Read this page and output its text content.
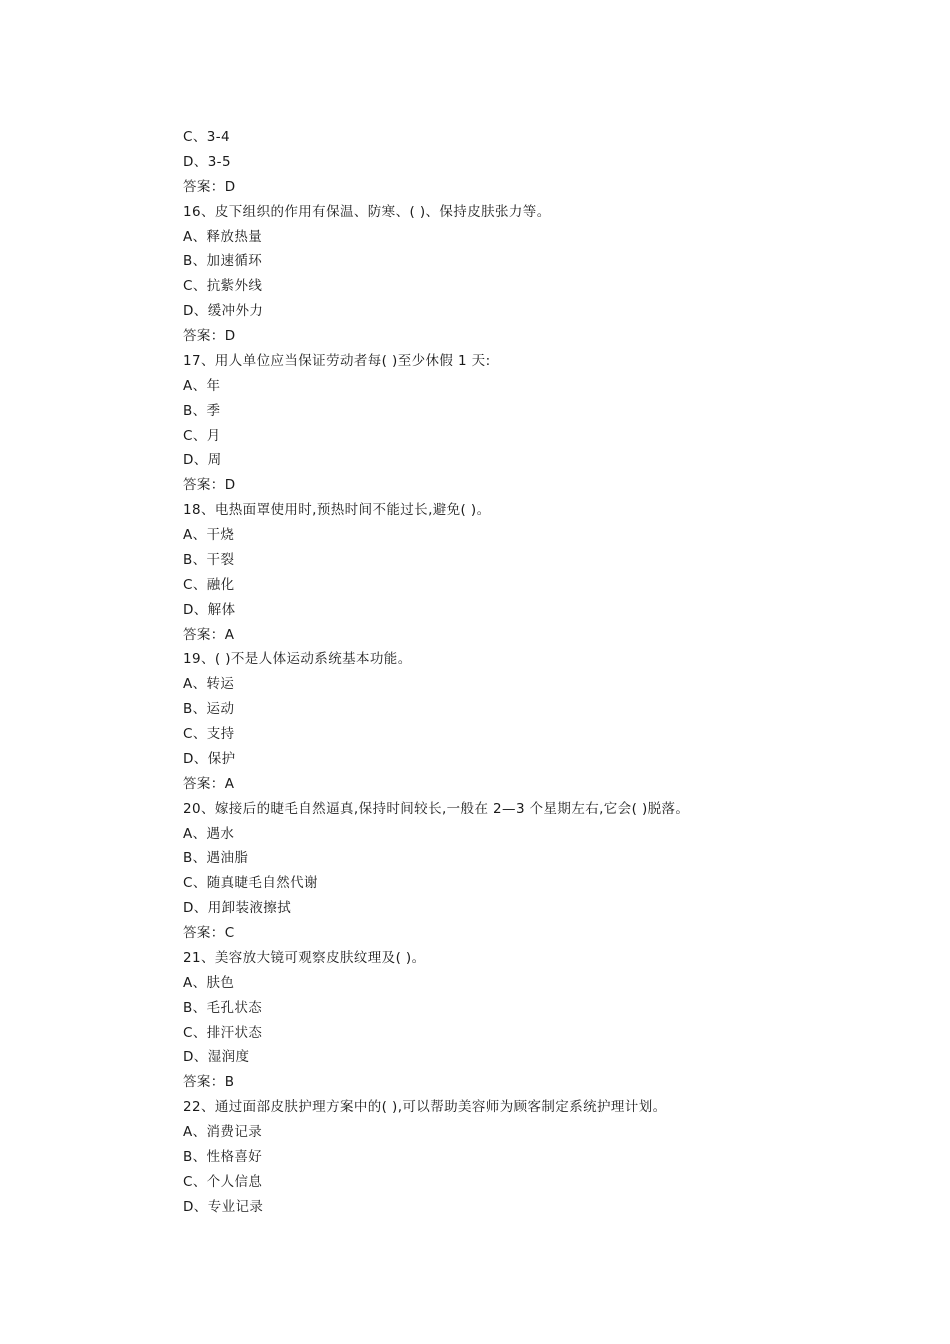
C、3-4
D、3-5
答案：D
16、皮下组织的作用有保温、防寒、( )、保持皮肤张力等。
A、释放热量
B、加速循环
C、抗紫外线
D、缓冲外力
答案：D
17、用人单位应当保证劳动者每( )至少休假 1 天:
A、年
B、季
C、月
D、周
答案：D
18、电热面罩使用时,预热时间不能过长,避免( )。
A、干烧
B、干裂
C、融化
D、解体
答案：A
19、( )不是人体运动系统基本功能。
A、转运
B、运动
C、支持
D、保护
答案：A
20、嫁接后的睫毛自然逼真,保持时间较长,一般在 2—3 个星期左右,它会( )脱落。
A、遇水
B、遇油脂
C、随真睫毛自然代谢
D、用卸装液擦拭
答案：C
21、美容放大镜可观察皮肤纹理及( )。
A、肤色
B、毛孔状态
C、排汗状态
D、湿润度
答案：B
22、通过面部皮肤护理方案中的( ),可以帮助美容师为顾客制定系统护理计划。
A、消费记录
B、性格喜好
C、个人信息
D、专业记录
